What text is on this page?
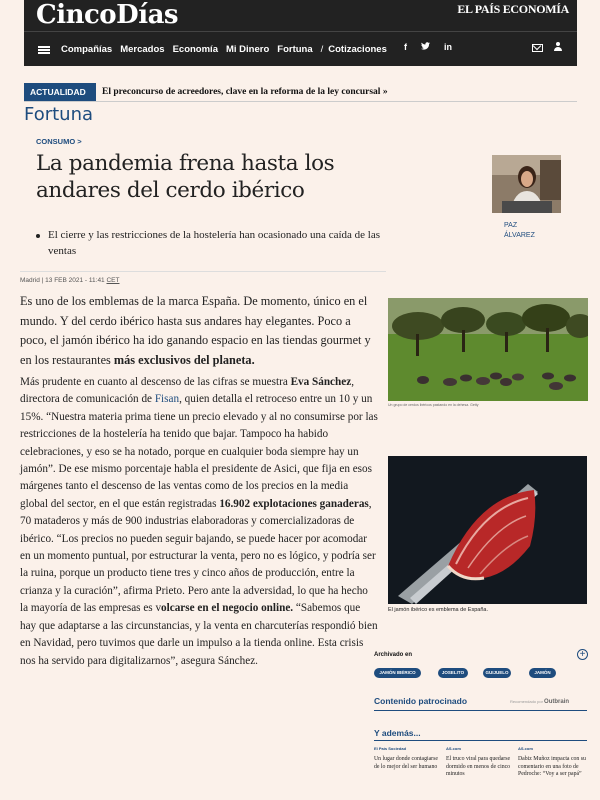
CincoDías	EL PAÍS ECONOMÍA
Compañías Mercados Economía Mi Dinero Fortuna / Cotizaciones f	in
ACTUALIDAD	El preconcurso de acreedores, clave en la reforma de la ley concursal »
Fortuna
CONSUMO >
La pandemia frena hasta los andares del cerdo ibérico
PAZ
ÁLVAREZ
El cierre y las restricciones de la hostelería han ocasionado una caída de las ventas
Madrid | 13 FEB 2021 - 11:41 CET

Es uno de los emblemas de la marca España. De momento, único en el mundo. Y del cerdo ibérico hasta sus andares hay elegantes. Poco a poco, el jamón ibérico ha ido ganando espacio en las tiendas gourmet y en los restaurantes más exclusivos del planeta.

Más prudente en cuanto al descenso de las cifras se muestra Eva Sánchez, directora de comunicación de Fisan, quien detalla el retroceso entre un 10 y un 15%. “Nuestra materia prima tiene un precio elevado y al no consumirse por las restricciones de la hostelería ha tenido que bajar. Tampoco ha habido celebraciones, y eso se ha notado, porque en cualquier boda siempre hay un jamón”. De ese mismo porcentaje habla el presidente de Asici, que fija en esos márgenes tanto el descenso de las ventas como de los precios en la media global del sector, en el que están registradas 16.902 explotaciones ganaderas, 70 mataderos y más de 900 industrias elaboradoras y comercializadoras de ibérico. “Los precios no pueden seguir bajando, se puede hacer por acomodar en un momento puntual, por estructurar la venta, pero no es lógico, y podría ser la ruina, porque un producto tiene tres y cinco años de producción, entre la crianza y la curación”, afirma Prieto. Pero ante la adversidad, lo que ha hecho la mayoría de las empresas es volcarse en el negocio online. “Sabemos que hay que adaptarse a las circunstancias, y la venta en charcuterías respondió bien en Navidad, pero tuvimos que darle un impulso a la tienda online. Esta crisis nos ha servido para digitalizarnos”, asegura Sánchez.

Un grupo de cerdos ibéricos pastando en la dehesa. Getty
El jamón ibérico es emblema de España.
Archivado en	+
JAMÓN IBÉRICO	JOSELITO	GUIJUELO	JAMÓN
Contenido patrocinado	Recomendado por Outbrain
Y además...
El País Sociedad
Un lugar donde contagiarse de lo mejor del ser humano
AS.com
El truco viral para quedarse dormido en menos de cinco minutos
AS.com
Dabiz Muñoz impacta con su comentario en una foto de Pedroche: “Voy a ser papá”
